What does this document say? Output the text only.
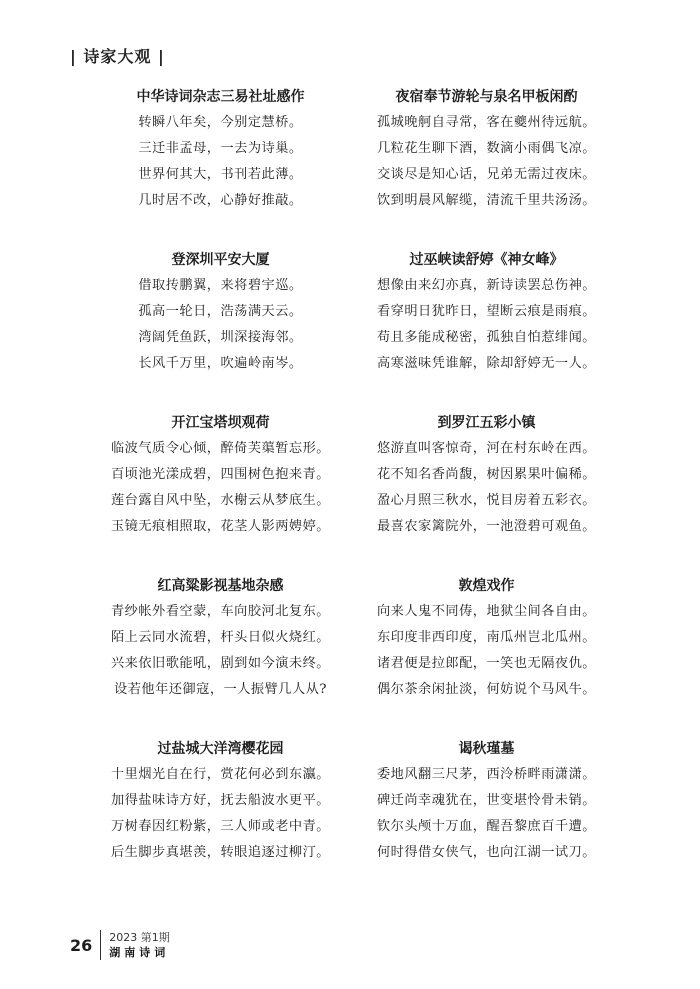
| 诗家大观 |
中华诗词杂志三易社址感作
转瞬八年矣，今别定慧桥。
三迁非孟母，一去为诗巢。
世界何其大，书刊若此薄。
几时居不改，心静好推敲。
登深圳平安大厦
借取抟鹏翼，来将碧宇巡。
孤高一轮日，浩荡满天云。
湾阔凭鱼跃，圳深接海邻。
长风千万里，吹遍岭南岑。
开江宝塔坝观荷
临波气质令心倾，醉倚芙蕖暂忘形。
百顷池光漾成碧，四围树色抱来青。
莲台露自风中坠，水榭云从梦底生。
玉镜无痕相照取，花茎人影两娉婷。
红高粱影视基地杂感
青纱帐外看空蒙，车向胶河北复东。
陌上云同水流碧，杆头日似火烧红。
兴来依旧歌能吼，剧到如今演未终。
设若他年还御寇，一人振臂几人从?
过盐城大洋湾樱花园
十里烟光自在行，赏花何必到东瀛。
加得盐味诗方好，抚去船波水更平。
万树春因红粉紫，三人师或老中青。
后生脚步真堪羡，转眼追逐过柳汀。
夜宿奉节游轮与泉名甲板闲酌
孤城晚舸自寻常，客在夔州待远航。
几粒花生聊下酒，数滴小雨偶飞凉。
交谈尽是知心话，兄弟无需过夜床。
饮到明晨风解缆，清流千里共汤汤。
过巫峡读舒婷《神女峰》
想像由来幻亦真，新诗读罢总伤神。
看穿明日犹昨日，望断云痕是雨痕。
苟且多能成秘密，孤独自怕惹绯闻。
高寒滋味凭谁解，除却舒婷无一人。
到罗江五彩小镇
悠游直叫客惊奇，河在村东岭在西。
花不知名香尚馥，树因累果叶偏稀。
盈心月照三秋水，悦目房着五彩衣。
最喜农家篱院外，一池澄碧可观鱼。
敦煌戏作
向来人鬼不同俦，地狱尘间各自由。
东印度非西印度，南瓜州岂北瓜州。
诸君便是拉郎配，一笑也无隔夜仇。
偶尔茶余闲扯淡，何妨说个马风牛。
谒秋瑾墓
委地风翻三尺茅，西泠桥畔雨潇潇。
碑迁尚幸魂犹在，世变堪怜骨未销。
钦尔头颅十万血，醒吾黎庶百千遭。
何时得借女侠气，也向江湖一试刀。
26 2023 第1期
湖南诗词
